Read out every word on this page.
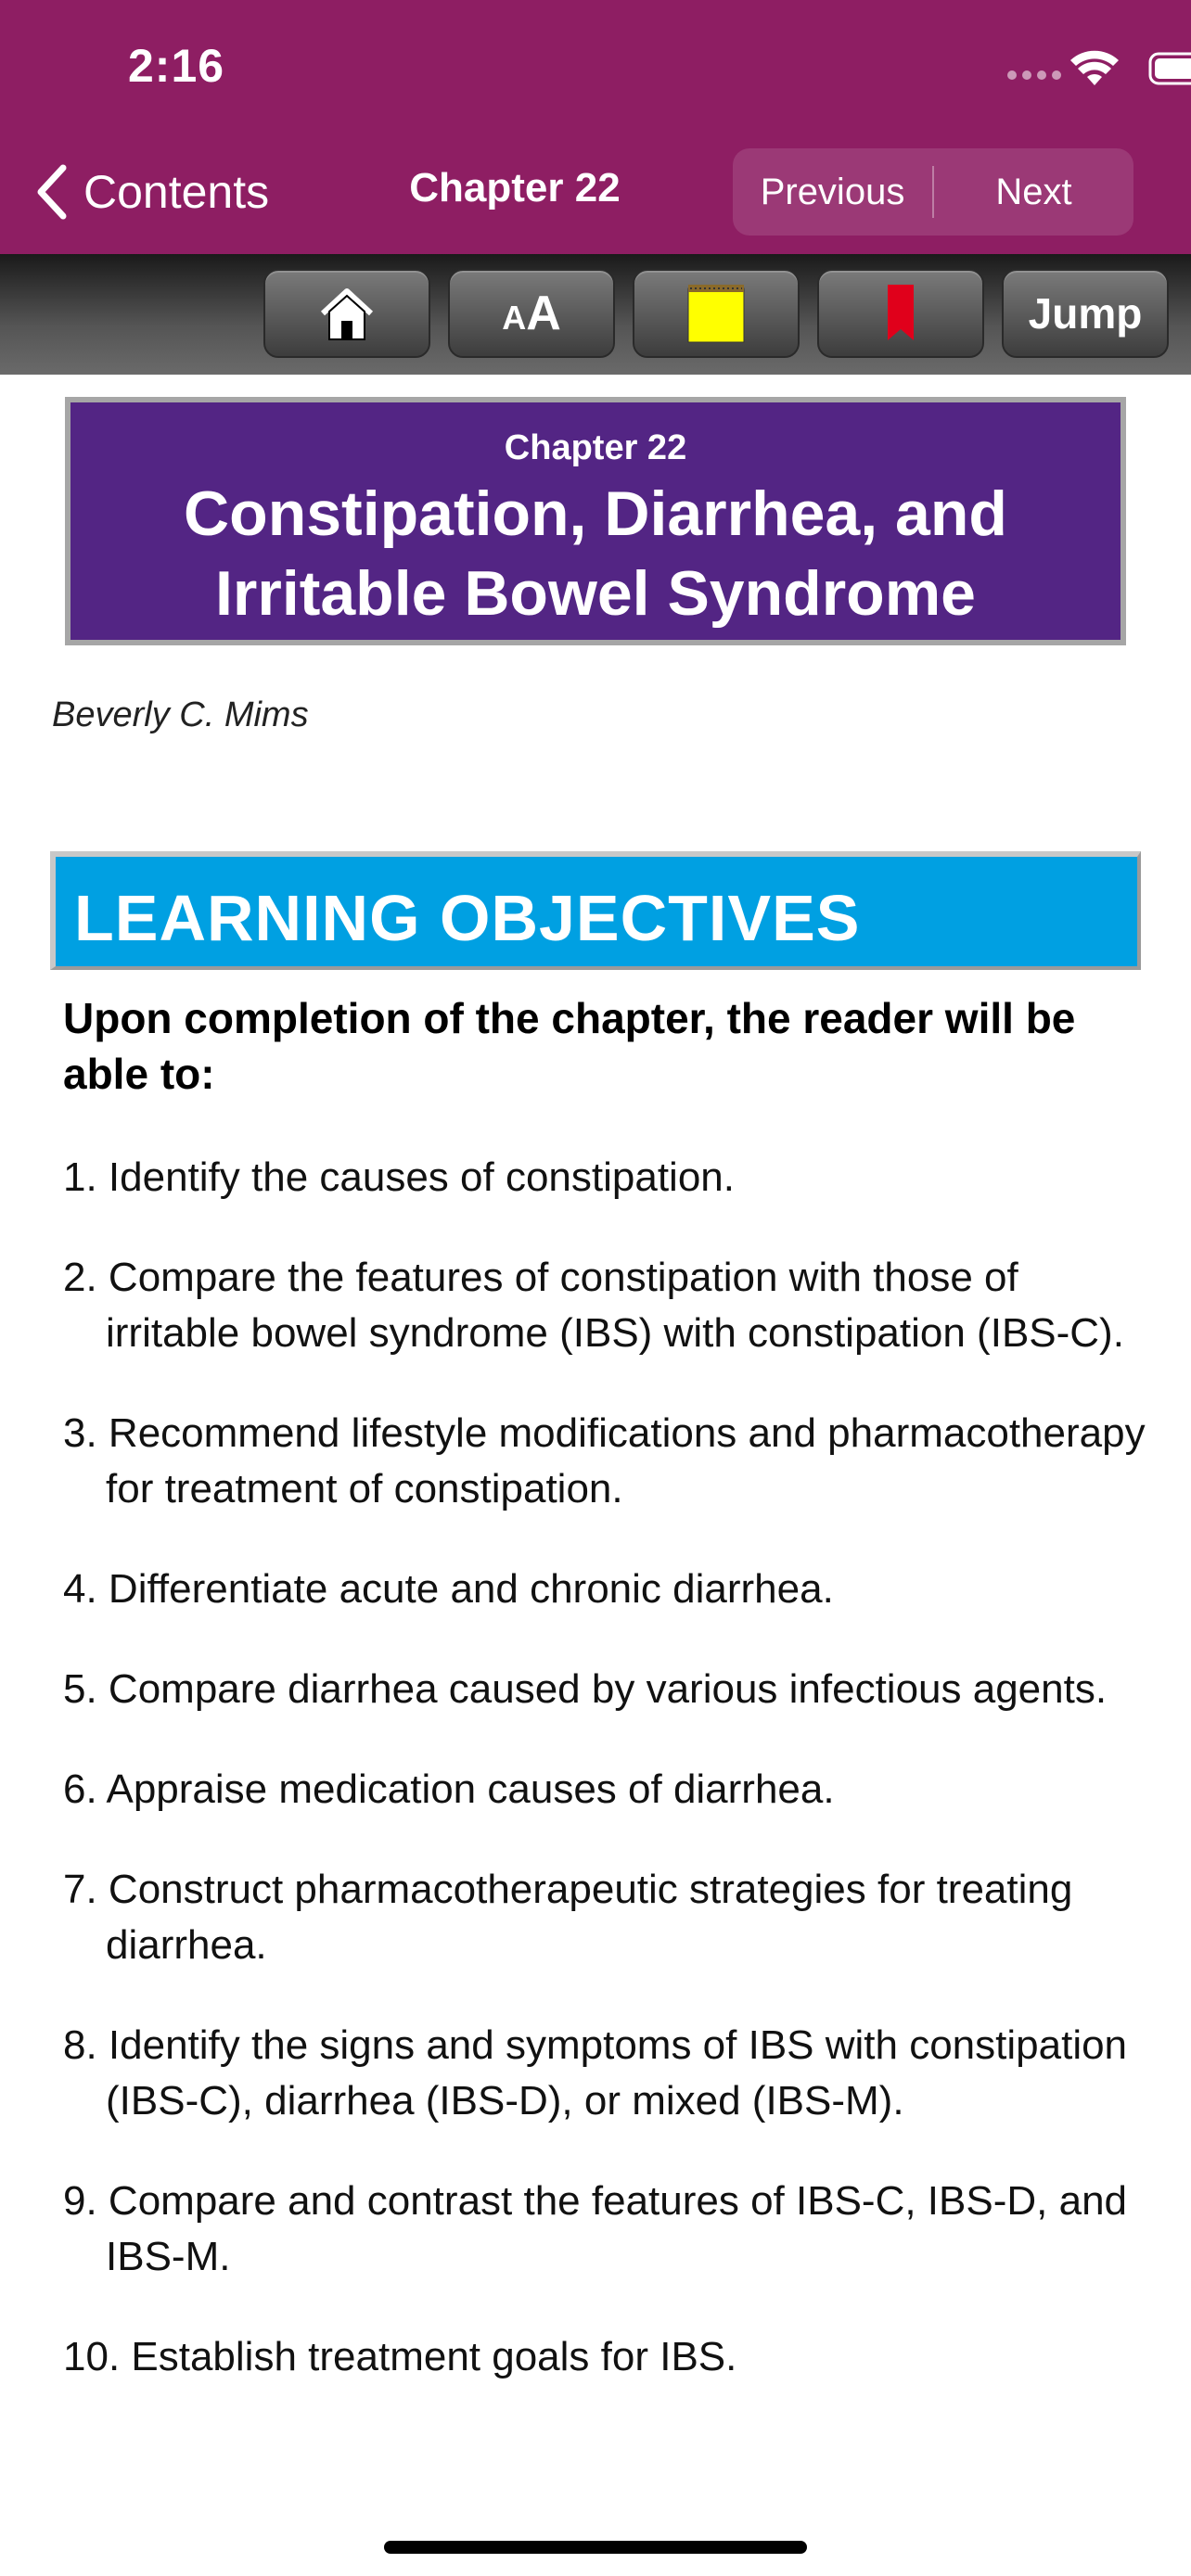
2:16
Contents	Chapter 22	Previous	Next
AA	Jump
Chapter 22
Constipation, Diarrhea, and Irritable Bowel Syndrome
Beverly C. Mims
LEARNING OBJECTIVES
Upon completion of the chapter, the reader will be able to:

1. Identify the causes of constipation.

2. Compare the features of constipation with those of irritable bowel syndrome (IBS) with constipation (IBS-C).

3. Recommend lifestyle modifications and pharmacotherapy for treatment of constipation.

4. Differentiate acute and chronic diarrhea.

5. Compare diarrhea caused by various infectious agents.

6. Appraise medication causes of diarrhea.

7. Construct pharmacotherapeutic strategies for treating diarrhea.

8. Identify the signs and symptoms of IBS with constipation (IBS-C), diarrhea (IBS-D), or mixed (IBS-M).

9. Compare and contrast the features of IBS-C, IBS-D, and IBS-M.

10. Establish treatment goals for IBS.
